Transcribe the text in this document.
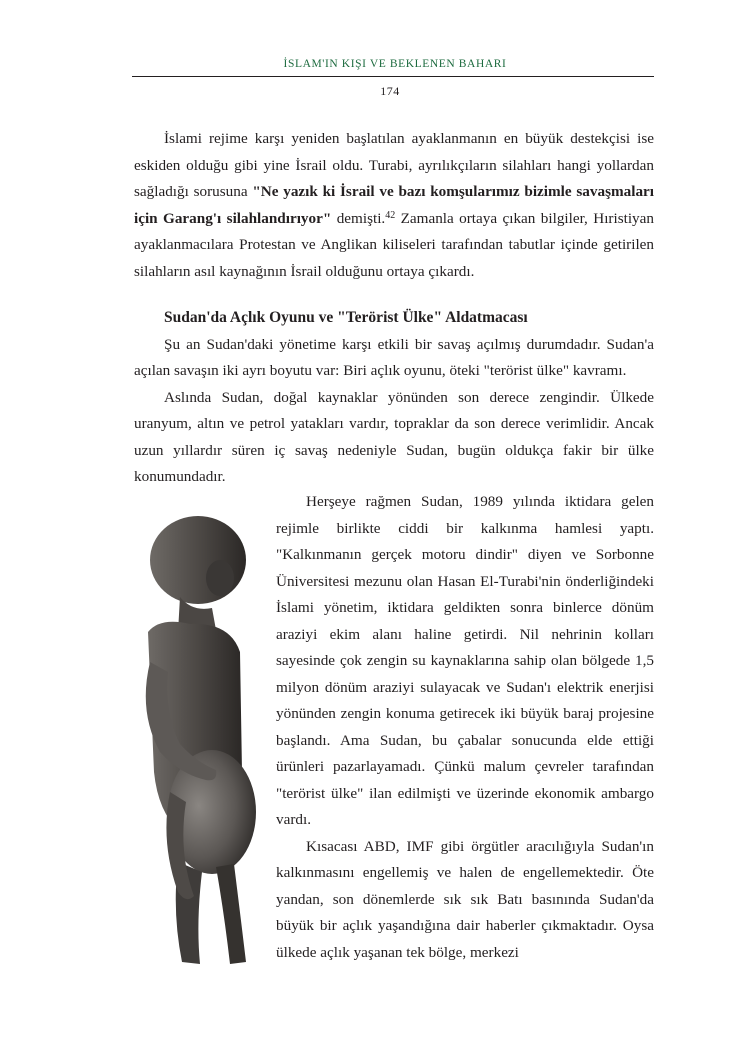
İSLAM'IN KIŞI VE BEKLENEN BAHARI
174

İslami rejime karşı yeniden başlatılan ayaklanmanın en büyük destekçisi ise eskiden olduğu gibi yine İsrail oldu. Turabi, ayrılıkçıların silahları hangi yollardan sağladığı sorusuna "Ne yazık ki İsrail ve bazı komşularımız bizimle savaşmaları için Garang'ı silahlandırıyor" demişti.$^{42}$ Zamanla ortaya çıkan bilgiler, Hıristiyan ayaklanmacılara Protestan ve Anglikan kiliseleri tarafından tabutlar içinde getirilen silahların asıl kaynağının İsrail olduğunu ortaya çıkardı.

Sudan'da Açlık Oyunu ve "Terörist Ülke" Aldatmacası

Şu an Sudan'daki yönetime karşı etkili bir savaş açılmış durumdadır. Sudan'a açılan savaşın iki ayrı boyutu var: Biri açlık oyunu, öteki "terörist ülke" kavramı.

Aslında Sudan, doğal kaynaklar yönünden son derece zengindir. Ülkede uranyum, altın ve petrol yatakları vardır, topraklar da son derece verimlidir. Ancak uzun yıllardır süren iç savaş nedeniyle Sudan, bugün oldukça fakir bir ülke konumundadır.

Herşeye rağmen Sudan, 1989 yılında iktidara gelen rejimle birlikte ciddi bir kalkınma hamlesi yaptı. "Kalkınmanın gerçek motoru dindir" diyen ve Sorbonne Üniversitesi mezunu olan Hasan El-Turabi'nin önderliğindeki İslami yönetim, iktidara geldikten sonra binlerce dönüm araziyi ekim alanı haline getirdi. Nil nehrinin kolları sayesinde çok zengin su kaynaklarına sahip olan bölgede 1,5 milyon dönüm araziyi sulayacak ve Sudan'ı elektrik enerjisi yönünden zengin konuma getirecek iki büyük baraj projesine başlandı. Ama Sudan, bu çabalar sonucunda elde ettiği ürünleri pazarlayamadı. Çünkü malum çevreler tarafından "terörist ülke" ilan edilmişti ve üzerinde ekonomik ambargo vardı.

Kısacası ABD, IMF gibi örgütler aracılığıyla Sudan'ın kalkınmasını engellemiş ve halen de engellemektedir. Öte yandan, son dönemlerde sık sık Batı basınında Sudan'da büyük bir açlık yaşandığına dair haberler çıkmaktadır. Oysa ülkede açlık yaşanan tek bölge, merkezi
